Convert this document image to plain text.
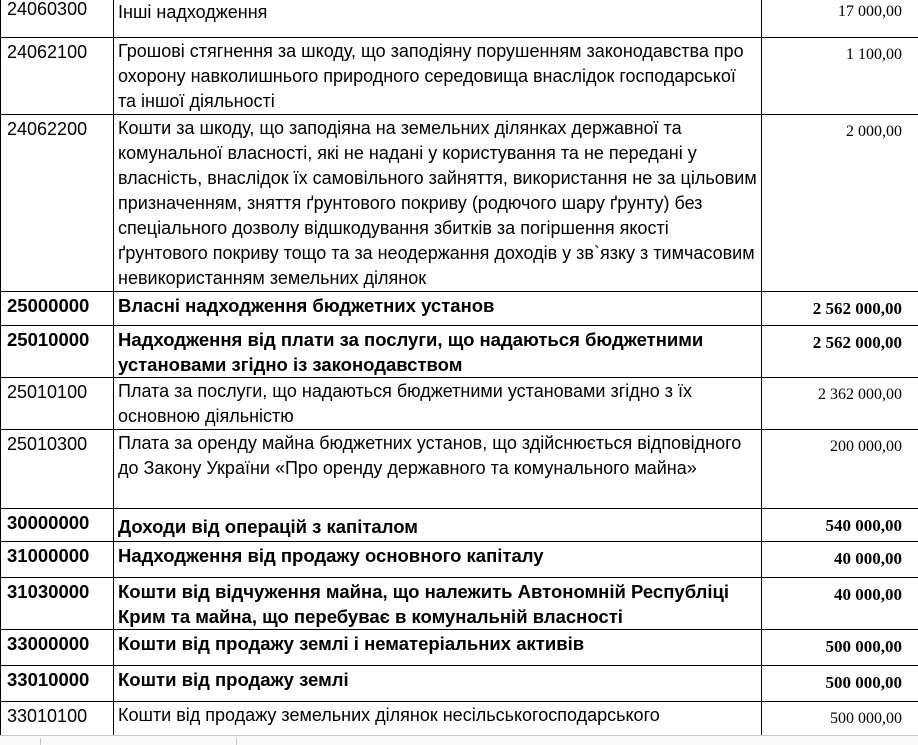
24060300	Інші надходження	17 000,00
24062100	Грошові стягнення за шкоду, що заподіяну порушенням законодавства про охорону навколишнього природного середовища внаслідок господарської та іншої діяльності	1 100,00
24062200	Кошти за шкоду, що заподіяна на земельних ділянках державної та комунальної власності, які не надані у користування та не передані у власність, внаслідок їх самовільного зайняття, використання не за цільовим призначенням, зняття ґрунтового покриву (родючого шару ґрунту) без спеціального дозволу відшкодування збитків за погіршення якості ґрунтового покриву тощо та за неодержання доходів у зв`язку з тимчасовим невикористанням земельних ділянок	2 000,00
25000000	Власні надходження бюджетних установ	2 562 000,00
25010000	Надходження від плати за послуги, що надаються бюджетними установами згідно із законодавством	2 562 000,00
25010100	Плата за послуги, що надаються бюджетними установами згідно з їх основною діяльністю	2 362 000,00
25010300	Плата за оренду майна бюджетних установ, що здійснюється відповідного до Закону України «Про оренду державного та комунального майна»	200 000,00
30000000	Доходи від операцій з капіталом	540 000,00
31000000	Надходження від продажу основного капіталу	40 000,00
31030000	Кошти від відчуження майна, що належить Автономній Республіці Крим та майна, що перебуває в комунальній власності	40 000,00
33000000	Кошти від продажу землі і нематеріальних активів	500 000,00
33010000	Кошти від продажу землі	500 000,00
33010100	Кошти від продажу земельних ділянок несільськогосподарського	500 000,00
